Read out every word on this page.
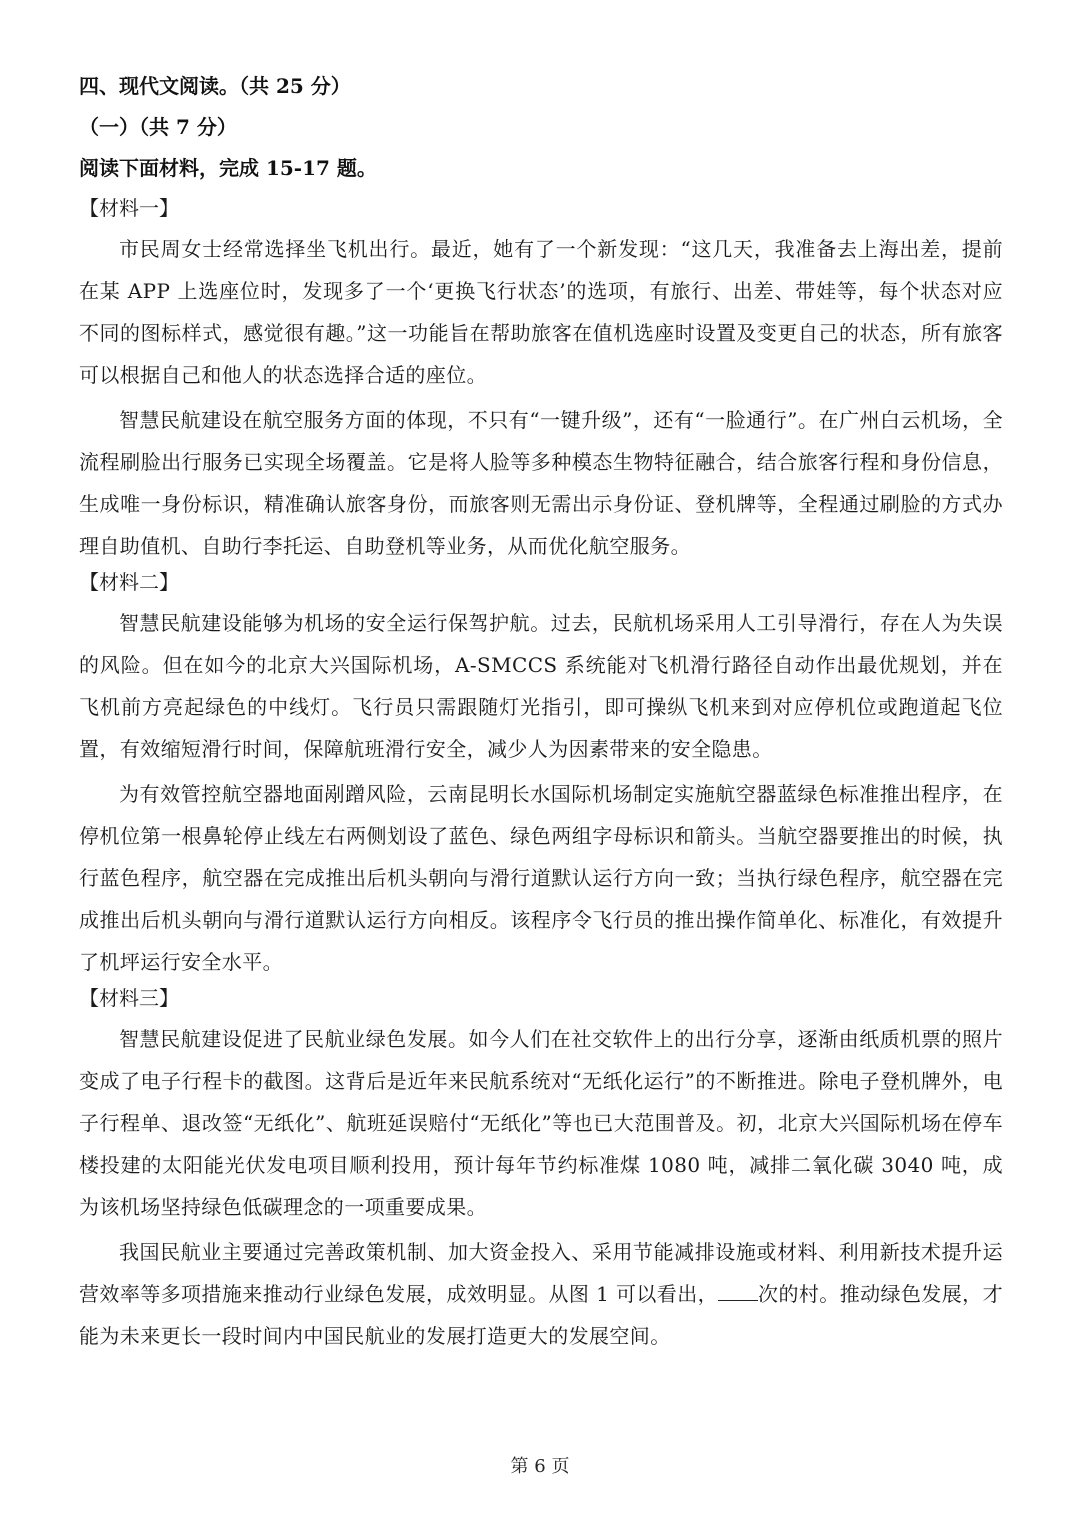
四、现代文阅读。（共 25 分）

（一）（共 7 分）

阅读下面材料，完成 15-17 题。

【材料一】

市民周女士经常选择坐飞机出行。最近，她有了一个新发现：“这几天，我准备去上海出差，提前在某 APP 上选座位时，发现多了一个‘更换飞行状态’的选项，有旅行、出差、带娃等，每个状态对应不同的图标样式，感觉很有趣。”这一功能旨在帮助旅客在值机选座时设置及变更自己的状态，所有旅客可以根据自己和他人的状态选择合适的座位。

智慧民航建设在航空服务方面的体现，不只有“一键升级”，还有“一脸通行”。在广州白云机场，全流程刷脸出行服务已实现全场覆盖。它是将人脸等多种模态生物特征融合，结合旅客行程和身份信息，生成唯一身份标识，精准确认旅客身份，而旅客则无需出示身份证、登机牌等，全程通过刷脸的方式办理自助值机、自助行李托运、自助登机等业务，从而优化航空服务。

【材料二】

智慧民航建设能够为机场的安全运行保驾护航。过去，民航机场采用人工引导滑行，存在人为失误的风险。但在如今的北京大兴国际机场，A-SMCCS 系统能对飞机滑行路径自动作出最优规划，并在飞机前方亮起绿色的中线灯。飞行员只需跟随灯光指引，即可操纵飞机来到对应停机位或跑道起飞位置，有效缩短滑行时间，保障航班滑行安全，减少人为因素带来的安全隐患。

为有效管控航空器地面剐蹭风险，云南昆明长水国际机场制定实施航空器蓝绿色标准推出程序，在停机位第一根鼻轮停止线左右两侧划设了蓝色、绿色两组字母标识和箭头。当航空器要推出的时候，执行蓝色程序，航空器在完成推出后机头朝向与滑行道默认运行方向一致；当执行绿色程序，航空器在完成推出后机头朝向与滑行道默认运行方向相反。该程序令飞行员的推出操作简单化、标准化，有效提升了机坪运行安全水平。

【材料三】

智慧民航建设促进了民航业绿色发展。如今人们在社交软件上的出行分享，逐渐由纸质机票的照片变成了电子行程卡的截图。这背后是近年来民航系统对“无纸化运行”的不断推进。除电子登机牌外，电子行程单、退改签“无纸化”、航班延误赔付“无纸化”等也已大范围普及。初，北京大兴国际机场在停车楼投建的太阳能光伏发电项目顺利投用，预计每年节约标准煤 1080 吨，减排二氧化碳 3040 吨，成为该机场坚持绿色低碳理念的一项重要成果。

我国民航业主要通过完善政策机制、加大资金投入、采用节能减排设施或材料、利用新技术提升运营效率等多项措施来推动行业绿色发展，成效明显。从图 1 可以看出， 次的村。推动绿色发展，才能为未来更长一段时间内中国民航业的发展打造更大的发展空间。

第 6 页
